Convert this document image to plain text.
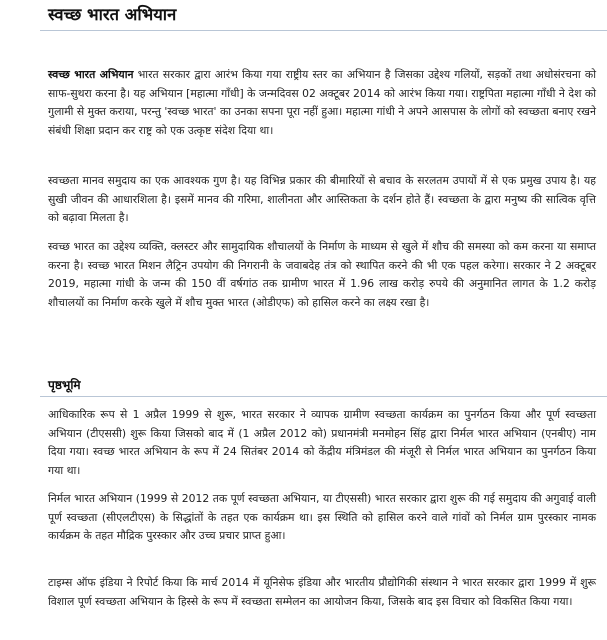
स्वच्छ भारत अभियान

स्वच्छ भारत अभियान भारत सरकार द्वारा आरंभ किया गया राष्ट्रीय स्तर का अभियान है जिसका उद्देश्य गलियों, सड़कों तथा अधोसंरचना को साफ-सुथरा करना है। यह अभियान [महात्मा गाँधी] के जन्मदिवस 02 अक्टूबर 2014 को आरंभ किया गया। राष्ट्रपिता महात्मा गाँधी ने देश को गुलामी से मुक्त कराया, परन्तु 'स्वच्छ भारत' का उनका सपना पूरा नहीं हुआ। महात्मा गांधी ने अपने आसपास के लोगों को स्वच्छता बनाए रखने संबंधी शिक्षा प्रदान कर राष्ट्र को एक उत्कृष्ट संदेश दिया था।

स्वच्छता मानव समुदाय का एक आवश्यक गुण है। यह विभिन्न प्रकार की बीमारियों से बचाव के सरलतम उपायों में से एक प्रमुख उपाय है। यह सुखी जीवन की आधारशिला है। इसमें मानव की गरिमा, शालीनता और आस्तिकता के दर्शन होते हैं। स्वच्छता के द्वारा मनुष्य की सात्विक वृत्ति को बढ़ावा मिलता है।

स्वच्छ भारत का उद्देश्य व्यक्ति, क्लस्टर और सामुदायिक शौचालयों के निर्माण के माध्यम से खुले में शौच की समस्या को कम करना या समाप्त करना है। स्वच्छ भारत मिशन लैट्रिन उपयोग की निगरानी के जवाबदेह तंत्र को स्थापित करने की भी एक पहल करेगा। सरकार ने 2 अक्टूबर 2019, महात्मा गांधी के जन्म की 150 वीं वर्षगांठ तक ग्रामीण भारत में 1.96 लाख करोड़ रुपये की अनुमानित लागत के 1.2 करोड़ शौचालयों का निर्माण करके खुले में शौच मुक्त भारत (ओडीएफ) को हासिल करने का लक्ष्य रखा है।

पृष्ठभूमि

आधिकारिक रूप से 1 अप्रैल 1999 से शुरू, भारत सरकार ने व्यापक ग्रामीण स्वच्छता कार्यक्रम का पुनर्गठन किया और पूर्ण स्वच्छता अभियान (टीएससी) शुरू किया जिसको बाद में (1 अप्रैल 2012 को) प्रधानमंत्री मनमोहन सिंह द्वारा निर्मल भारत अभियान (एनबीए) नाम दिया गया। स्वच्छ भारत अभियान के रूप में 24 सितंबर 2014 को केंद्रीय मंत्रिमंडल की मंजूरी से निर्मल भारत अभियान का पुनर्गठन किया गया था।

निर्मल भारत अभियान (1999 से 2012 तक पूर्ण स्वच्छता अभियान, या टीएससी) भारत सरकार द्वारा शुरू की गई समुदाय की अगुवाई वाली पूर्ण स्वच्छता (सीएलटीएस) के सिद्धांतों के तहत एक कार्यक्रम था। इस स्थिति को हासिल करने वाले गांवों को निर्मल ग्राम पुरस्कार नामक कार्यक्रम के तहत मौद्रिक पुरस्कार और उच्च प्रचार प्राप्त हुआ।

टाइम्स ऑफ इंडिया ने रिपोर्ट किया कि मार्च 2014 में यूनिसेफ इंडिया और भारतीय प्रौद्योगिकी संस्थान ने भारत सरकार द्वारा 1999 में शुरू विशाल पूर्ण स्वच्छता अभियान के हिस्से के रूप में स्वच्छता सम्मेलन का आयोजन किया, जिसके बाद इस विचार को विकसित किया गया।
